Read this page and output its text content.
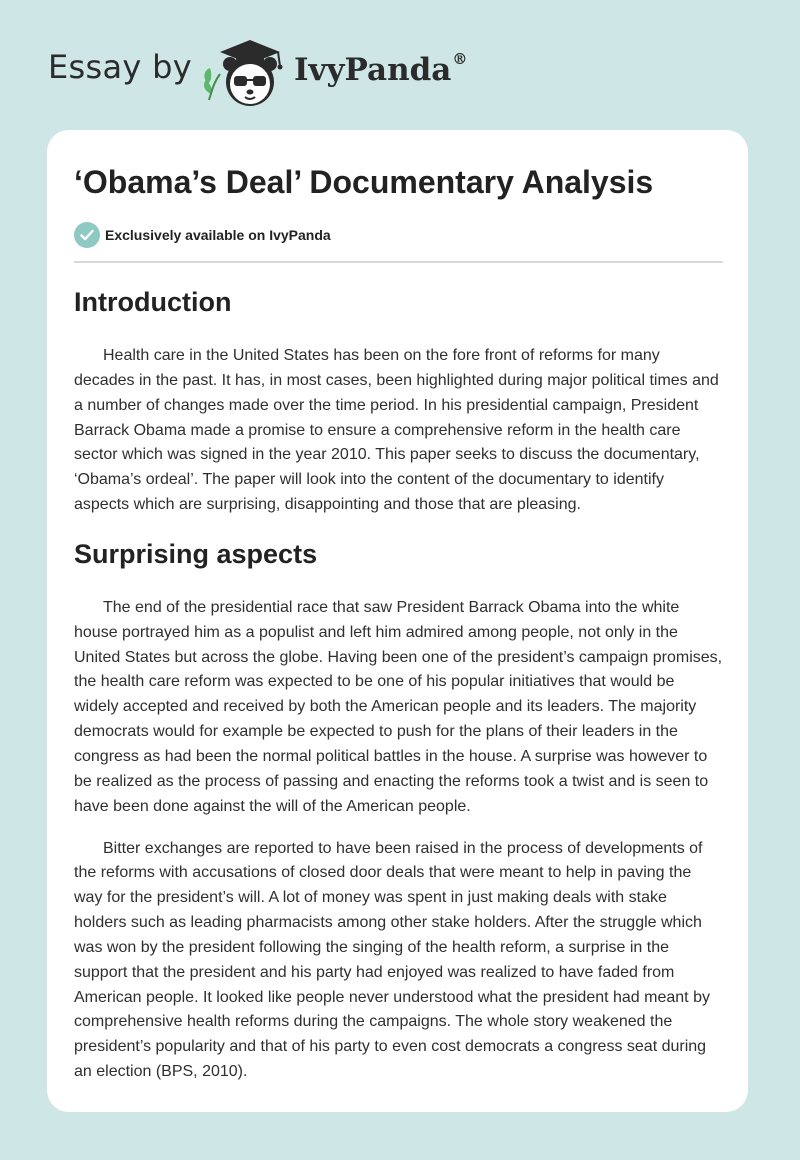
Essay by	IvyPanda®
‘Obama’s Deal’ Documentary Analysis
Exclusively available on IvyPanda
Introduction

Health care in the United States has been on the fore front of reforms for many decades in the past. It has, in most cases, been highlighted during major political times and a number of changes made over the time period. In his presidential campaign, President Barrack Obama made a promise to ensure a comprehensive reform in the health care sector which was signed in the year 2010. This paper seeks to discuss the documentary, ‘Obama’s ordeal’. The paper will look into the content of the documentary to identify aspects which are surprising, disappointing and those that are pleasing.

Surprising aspects

The end of the presidential race that saw President Barrack Obama into the white house portrayed him as a populist and left him admired among people, not only in the United States but across the globe. Having been one of the president’s campaign promises, the health care reform was expected to be one of his popular initiatives that would be widely accepted and received by both the American people and its leaders. The majority democrats would for example be expected to push for the plans of their leaders in the congress as had been the normal political battles in the house. A surprise was however to be realized as the process of passing and enacting the reforms took a twist and is seen to have been done against the will of the American people.

Bitter exchanges are reported to have been raised in the process of developments of the reforms with accusations of closed door deals that were meant to help in paving the way for the president’s will. A lot of money was spent in just making deals with stake holders such as leading pharmacists among other stake holders. After the struggle which was won by the president following the singing of the health reform, a surprise in the support that the president and his party had enjoyed was realized to have faded from American people. It looked like people never understood what the president had meant by comprehensive health reforms during the campaigns. The whole story weakened the president’s popularity and that of his party to even cost democrats a congress seat during an election (BPS, 2010).
